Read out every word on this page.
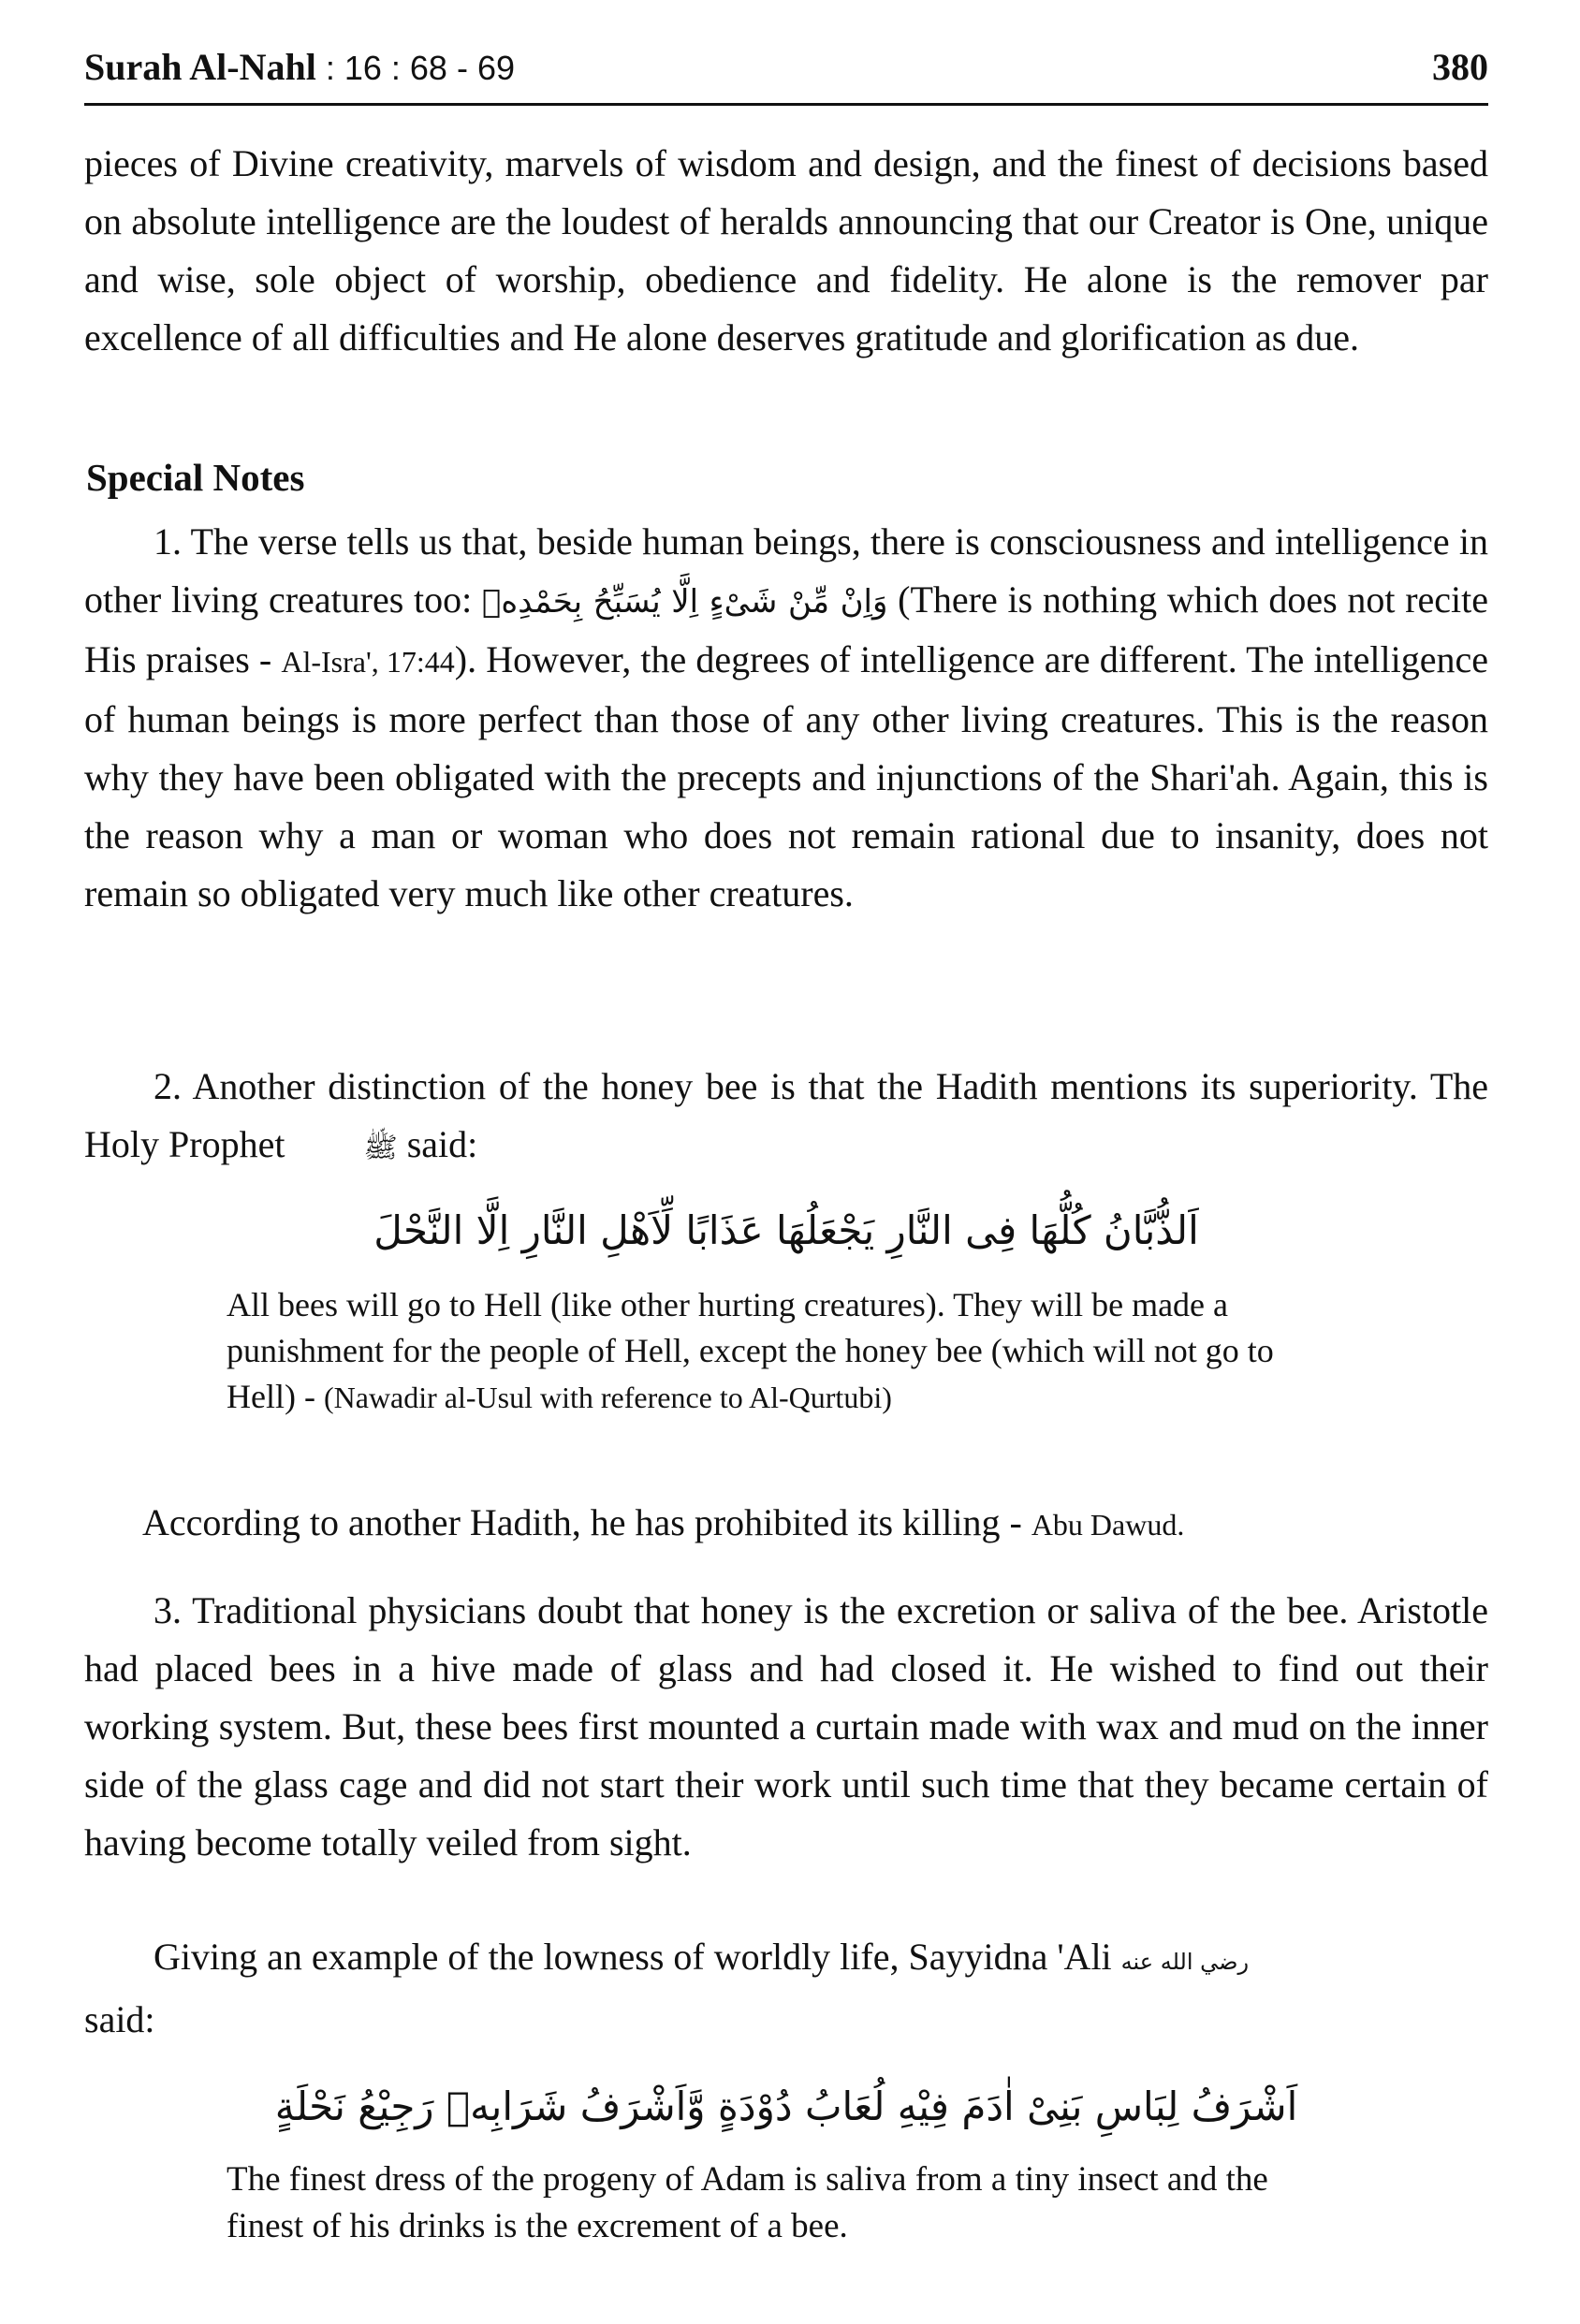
Surah Al-Nahl : 16 : 68 - 69	380

pieces of Divine creativity, marvels of wisdom and design, and the finest of decisions based on absolute intelligence are the loudest of heralds announcing that our Creator is One, unique and wise, sole object of worship, obedience and fidelity. He alone is the remover par excellence of all difficulties and He alone deserves gratitude and glorification as due.

Special Notes

1. The verse tells us that, beside human beings, there is consciousness and intelligence in other living creatures too: وَاِنْ مِّنْ شَىْءٍ اِلَّا يُسَبِّحُ بِحَمْدِهٖ (There is nothing which does not recite His praises - Al-Isra', 17:44). However, the degrees of intelligence are different. The intelligence of human beings is more perfect than those of any other living creatures. This is the reason why they have been obligated with the precepts and injunctions of the Shari'ah. Again, this is the reason why a man or woman who does not remain rational due to insanity, does not remain so obligated very much like other creatures.

2. Another distinction of the honey bee is that the Hadith mentions its superiority. The Holy Prophet	ﷺ said:

اَلذُّبَّانُ كُلُّهَا فِى النَّارِ يَجْعَلُهَا عَذَابًا لِّاَهْلِ النَّارِ اِلَّا النَّحْلَ

All bees will go to Hell (like other hurting creatures). They will be made a punishment for the people of Hell, except the honey bee (which will not go to Hell) - (Nawadir al-Usul with reference to Al-Qurtubi)

According to another Hadith, he has prohibited its killing - Abu Dawud.

3. Traditional physicians doubt that honey is the excretion or saliva of the bee. Aristotle had placed bees in a hive made of glass and had closed it. He wished to find out their working system. But, these bees first mounted a curtain made with wax and mud on the inner side of the glass cage and did not start their work until such time that they became certain of having become totally veiled from sight.

Giving an example of the lowness of worldly life, Sayyidna 'Ali رضي الله عنه
said:

اَشْرَفُ لِبَاسِ بَنِىْ اٰدَمَ فِيْهِ لُعَابُ دُوْدَةٍ وَّاَشْرَفُ شَرَابِهٖ رَجِيْعُ نَحْلَةٍ

The finest dress of the progeny of Adam is saliva from a tiny insect and the finest of his drinks is the excrement of a bee.
